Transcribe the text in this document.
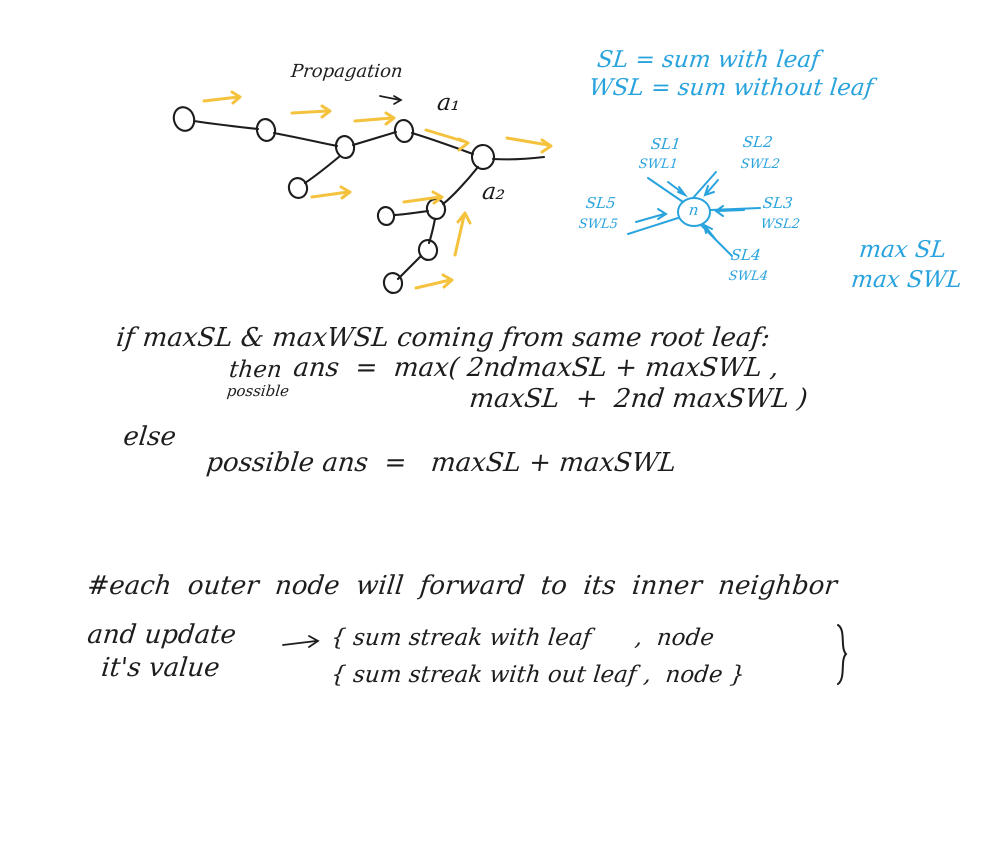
Propagation
a₁
a₂
SL = sum with leaf
WSL = sum without leaf
SL1
SWL1
SL2
SWL2
SL3
WSL2
SL4
SWL4
SL5
SWL5
n
max SL
max SWL
if maxSL & maxWSL coming from same root leaf:
then
possible
ans  =  max( 2ndmaxSL + maxSWL ,
maxSL  +  2nd maxSWL )
else
possible ans  =   maxSL + maxSWL
#each  outer  node  will  forward  to  its  inner  neighbor
and update
it's value
{ sum streak with leaf      ,  node
{ sum streak with out leaf ,  node }
